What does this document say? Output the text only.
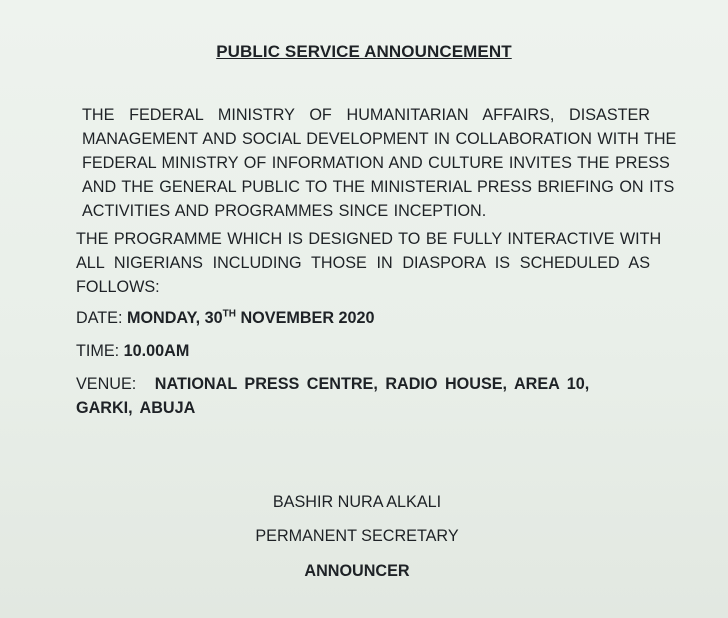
PUBLIC SERVICE ANNOUNCEMENT

THE FEDERAL MINISTRY OF HUMANITARIAN AFFAIRS, DISASTER
MANAGEMENT AND SOCIAL DEVELOPMENT IN COLLABORATION WITH THE
FEDERAL MINISTRY OF INFORMATION AND CULTURE INVITES THE PRESS
AND THE GENERAL PUBLIC TO THE MINISTERIAL PRESS BRIEFING ON ITS
ACTIVITIES AND PROGRAMMES SINCE INCEPTION.

THE PROGRAMME WHICH IS DESIGNED TO BE FULLY INTERACTIVE WITH
ALL NIGERIANS INCLUDING THOSE IN DIASPORA IS SCHEDULED AS
FOLLOWS:

DATE: MONDAY, 30TH NOVEMBER 2020
TIME: 10.00AM
VENUE: NATIONAL PRESS CENTRE, RADIO HOUSE, AREA 10,
GARKI, ABUJA
BASHIR NURA ALKALI
PERMANENT SECRETARY
ANNOUNCER
